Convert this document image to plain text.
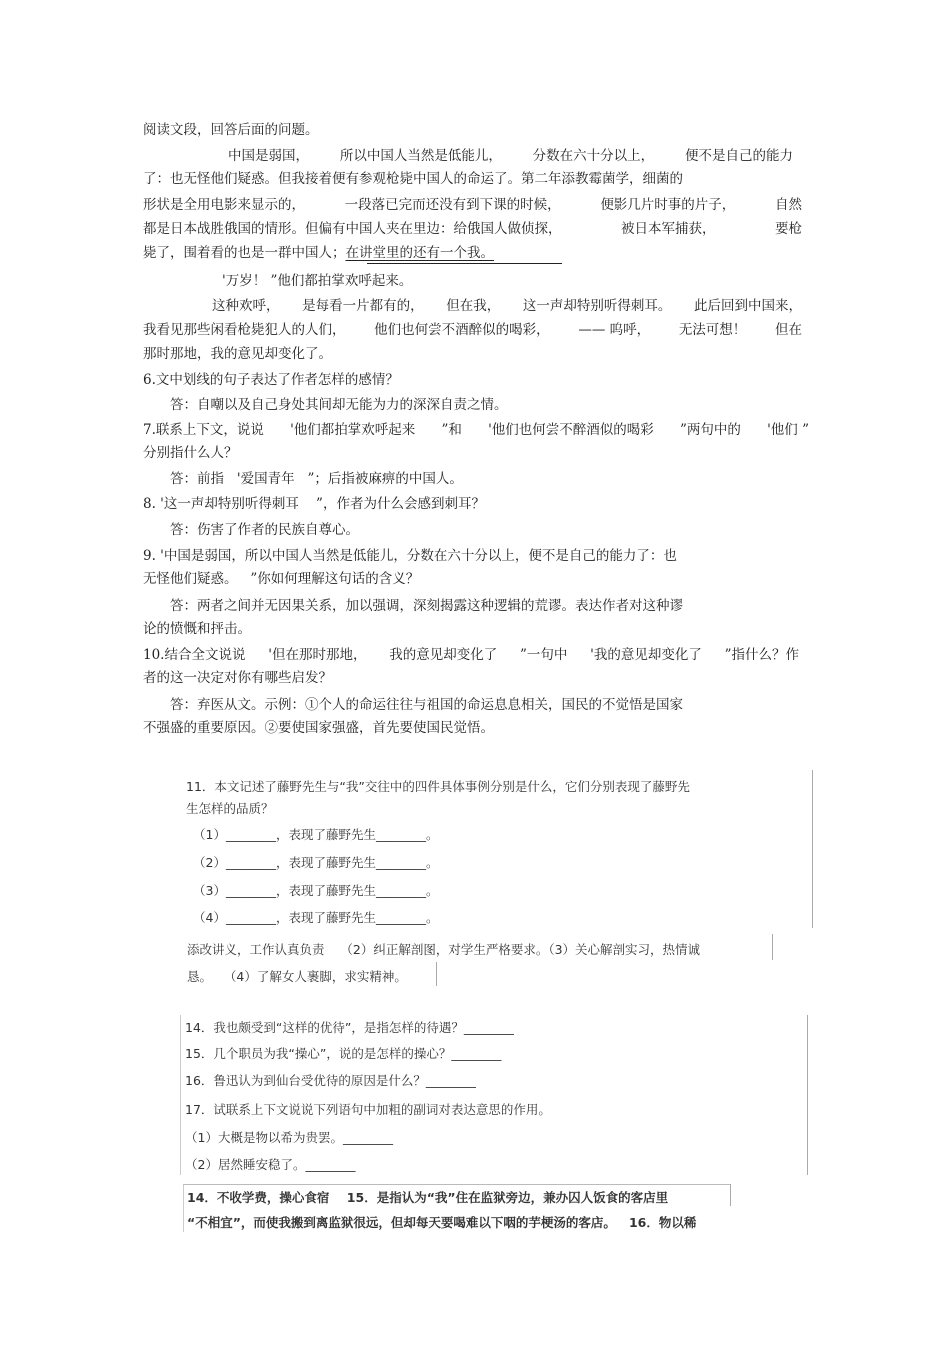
阅读文段，回答后面的问题。
中国是弱国， 所以中国人当然是低能儿， 分数在六十分以上， 便不是自己的能力
了：也无怪他们疑惑。但我接着便有参观枪毙中国人的命运了。第二年添教霉菌学，细菌的
形状是全用电影来显示的，	一段落已完而还没有到下课的时候，	便影几片时事的片子，	自然
都是日本战胜俄国的情形。但偏有中国人夹在里边：给俄国人做侦探，	被日本军捕获，	要枪
毙了，围着看的也是一群中国人；在讲堂里的还有一个我。
'万岁！ ”他们都拍掌欢呼起来。
这种欢呼， 是每看一片都有的， 但在我， 这一声却特别听得刺耳。 此后回到中国来，
我看见那些闲看枪毙犯人的人们， 他们也何尝不酒醉似的喝彩， —— 呜呼， 无法可想！ 但在
那时那地，我的意见却变化了。
6.文中划线的句子表达了作者怎样的感情？
答：自嘲以及自己身处其间却无能为力的深深自责之情。
7.联系上下文，说说 '他们都拍掌欢呼起来 ”和 '他们也何尝不醉酒似的喝彩 ”两句中的 '他们 ”
分别指什么人？
答：前指   '爱国青年   ”；后指被麻痹的中国人。
8. '这一声却特别听得刺耳    ”，作者为什么会感到刺耳？
答：伤害了作者的民族自尊心。
9. '中国是弱国，所以中国人当然是低能儿，分数在六十分以上，便不是自己的能力了：也
无怪他们疑惑。   ”你如何理解这句话的含义？
答：两者之间并无因果关系，加以强调，深刻揭露这种逻辑的荒谬。表达作者对这种谬
论的愤慨和抨击。
10.结合全文说说 '但在那时那地， 我的意见却变化了 ”一句中 '我的意见却变化了 ”指什么？作
者的这一决定对你有哪些启发？
答：弃医从文。示例：①个人的命运往往与祖国的命运息息相关，国民的不觉悟是国家
不强盛的重要原因。②要使国家强盛，首先要使国民觉悟。
11．本文记述了藤野先生与“我”交往中的四件具体事例分别是什么，它们分别表现了藤野先
生怎样的品质？
（1）________，表现了藤野先生________。
（2）________，表现了藤野先生________。
（3）________，表现了藤野先生________。
（4）________，表现了藤野先生________。
添改讲义，工作认真负责    （2）纠正解剖图，对学生严格要求。（3）关心解剖实习，热情诚
恳。   （4）了解女人裹脚，求实精神。
14．我也颇受到“这样的优待”，是指怎样的待遇？________
15．几个职员为我“操心”，说的是怎样的操心？________
16．鲁迅认为到仙台受优待的原因是什么？________
17．试联系上下文说说下列语句中加粗的副词对表达意思的作用。
（1）大概是物以希为贵罢。________
（2）居然睡安稳了。________
14．不收学费，操心食宿    15．是指认为“我”住在监狱旁边，兼办囚人饭食的客店里
“不相宜”，而使我搬到离监狱很远，但却每天要喝难以下咽的芋梗汤的客店。   16．物以稀
